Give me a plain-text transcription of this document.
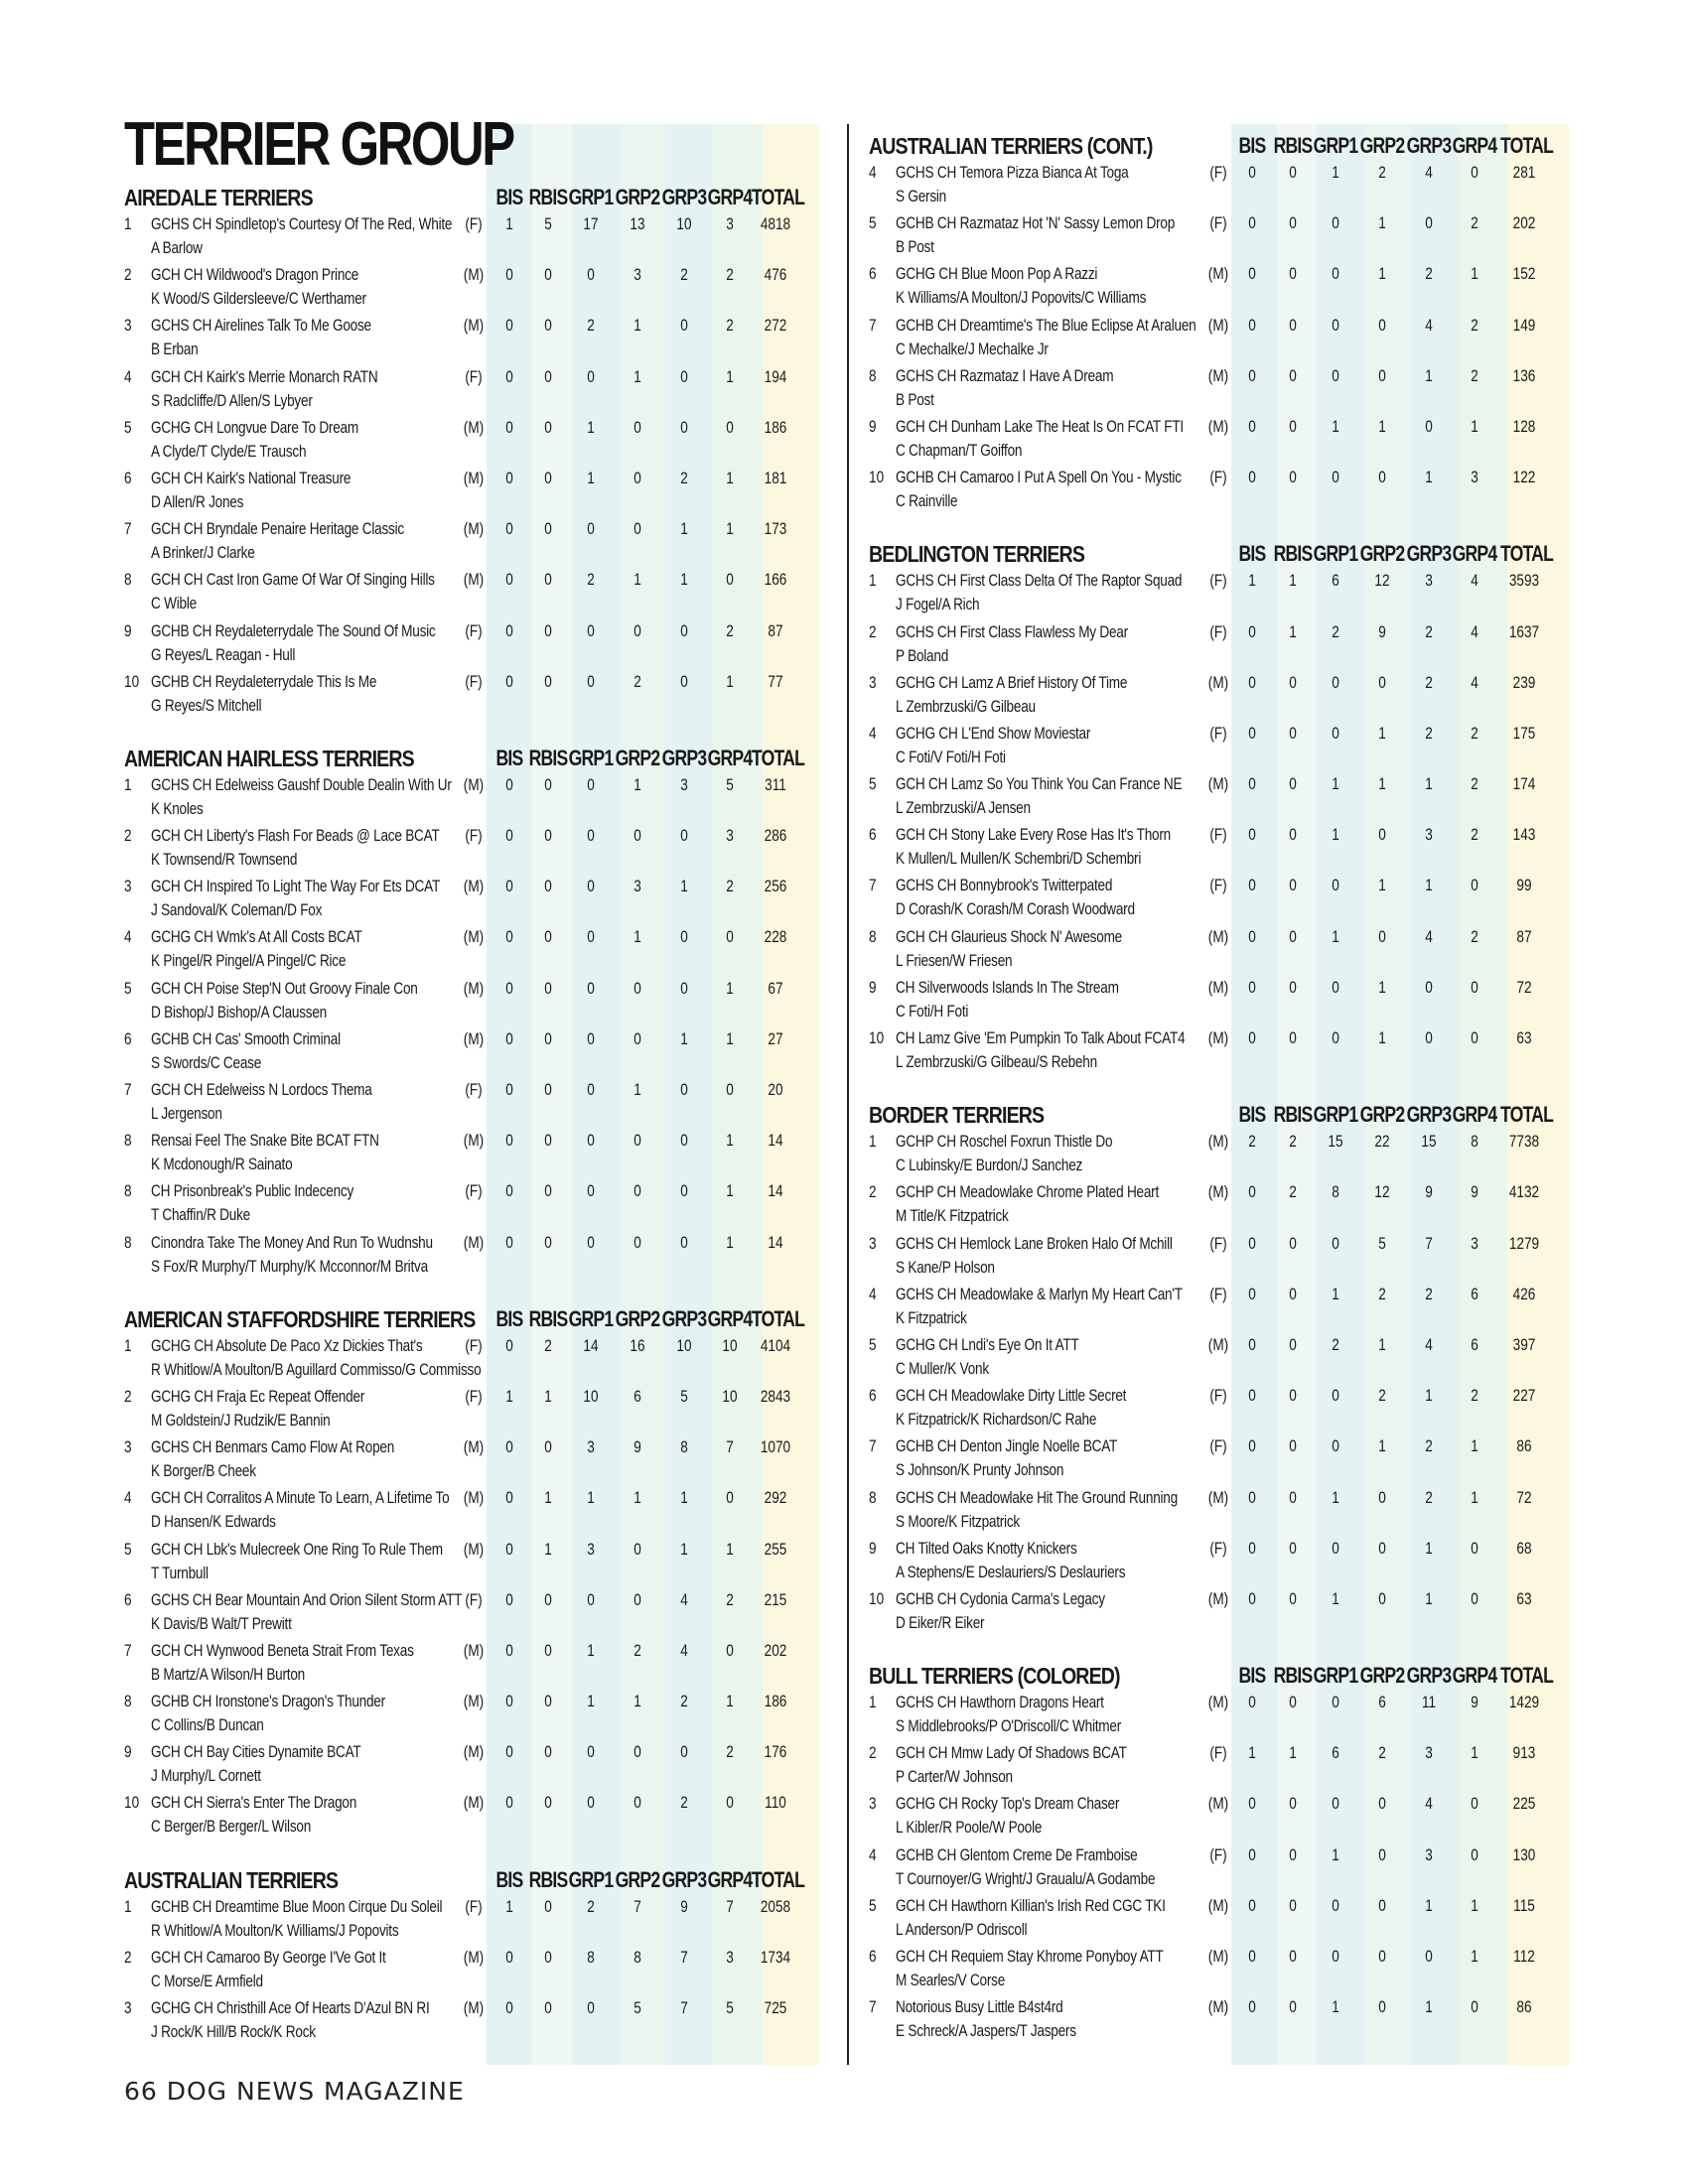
TERRIER GROUP
AIREDALE TERRIERS	BIS RBIS GRP1 GRP2 GRP3 GRP4 TOTAL
1	GCHS CH Spindletop's Courtesy Of The Red, White
A Barlow
(F)	1	5	17	13	10	3	4818
2	GCH CH Wildwood's Dragon Prince
K Wood/S Gildersleeve/C Werthamer
(M)	0	0	0	3	2	2	476
3	GCHS CH Airelines Talk To Me Goose
B Erban
(M)	0	0	2	1	0	2	272
4	GCH CH Kairk's Merrie Monarch RATN
S Radcliffe/D Allen/S Lybyer
(F)	0	0	0	1	0	1	194
5	GCHG CH Longvue Dare To Dream
A Clyde/T Clyde/E Trausch
(M)	0	0	1	0	0	0	186
6	GCH CH Kairk's National Treasure
D Allen/R Jones
(M)	0	0	1	0	2	1	181
7	GCH CH Bryndale Penaire Heritage Classic
A Brinker/J Clarke
(M)	0	0	0	0	1	1	173
8	GCH CH Cast Iron Game Of War Of Singing Hills
C Wible
(M)	0	0	2	1	1	0	166
9	GCHB CH Reydaleterrydale The Sound Of Music
G Reyes/L Reagan - Hull
(F)	0	0	0	0	0	2	87
10 GCHB CH Reydaleterrydale This Is Me
G Reyes/S Mitchell
(F)	0	0	0	2	0	1	77
AMERICAN HAIRLESS TERRIERS	BIS RBIS GRP1 GRP2 GRP3 GRP4 TOTAL
1	GCHS CH Edelweiss Gaushf Double Dealin With Ur
K Knoles
(M)	0	0	0	1	3	5	311
2	GCH CH Liberty's Flash For Beads @ Lace BCAT
K Townsend/R Townsend
(F)	0	0	0	0	0	3	286
3	GCH CH Inspired To Light The Way For Ets DCAT
J Sandoval/K Coleman/D Fox
(M)	0	0	0	3	1	2	256
4	GCHG CH Wmk's At All Costs BCAT
K Pingel/R Pingel/A Pingel/C Rice
(M)	0	0	0	1	0	0	228
5	GCH CH Poise Step'N Out Groovy Finale Con
D Bishop/J Bishop/A Claussen
(M)	0	0	0	0	0	1	67
6	GCHB CH Cas' Smooth Criminal
S Swords/C Cease
(M)	0	0	0	0	1	1	27
7	GCH CH Edelweiss N Lordocs Thema
L Jergenson
(F)	0	0	0	1	0	0	20
8	Rensai Feel The Snake Bite BCAT FTN
K Mcdonough/R Sainato
(M)	0	0	0	0	0	1	14
8	CH Prisonbreak's Public Indecency
T Chaffin/R Duke
(F)	0	0	0	0	0	1	14
8	Cinondra Take The Money And Run To Wudnshu
S Fox/R Murphy/T Murphy/K Mcconnor/M Britva
(M)	0	0	0	0	0	1	14
AMERICAN STAFFORDSHIRE TERRIERS BIS RBIS GRP1 GRP2 GRP3 GRP4 TOTAL
1	GCHG CH Absolute De Paco Xz Dickies That's
R Whitlow/A Moulton/B Aguillard Commisso/G Commisso
(F)	0	2	14	16	10	10	4104
2	GCHG CH Fraja Ec Repeat Offender
M Goldstein/J Rudzik/E Bannin
(F)	1	1	10	6	5	10	2843
3	GCHS CH Benmars Camo Flow At Ropen
K Borger/B Cheek
(M)	0	0	3	9	8	7	1070
4	GCH CH Corralitos A Minute To Learn, A Lifetime To
D Hansen/K Edwards
(M)	0	1	1	1	1	0	292
5	GCH CH Lbk's Mulecreek One Ring To Rule Them
T Turnbull
(M)	0	1	3	0	1	1	255
6	GCHS CH Bear Mountain And Orion Silent Storm ATT
K Davis/B Walt/T Prewitt
(F)	0	0	0	0	4	2	215
7	GCH CH Wynwood Beneta Strait From Texas
B Martz/A Wilson/H Burton
(M)	0	0	1	2	4	0	202
8	GCHB CH Ironstone's Dragon's Thunder
C Collins/B Duncan
(M)	0	0	1	1	2	1	186
9	GCH CH Bay Cities Dynamite BCAT
J Murphy/L Cornett
(M)	0	0	0	0	0	2	176
10 GCH CH Sierra's Enter The Dragon
C Berger/B Berger/L Wilson
(M)	0	0	0	0	2	0	110
AUSTRALIAN TERRIERS	BIS RBIS GRP1 GRP2 GRP3 GRP4 TOTAL
1	GCHB CH Dreamtime Blue Moon Cirque Du Soleil
R Whitlow/A Moulton/K Williams/J Popovits
(F)	1	0	2	7	9	7	2058
2	GCH CH Camaroo By George I'Ve Got It
C Morse/E Armfield
(M)	0	0	8	8	7	3	1734
3	GCHG CH Christhill Ace Of Hearts D'Azul BN RI
J Rock/K Hill/B Rock/K Rock
(M)	0	0	0	5	7	5	725
AUSTRALIAN TERRIERS (CONT.)	BIS RBIS GRP1 GRP2 GRP3 GRP4 TOTAL
4	GCHS CH Temora Pizza Bianca At Toga
S Gersin
(F)	0	0	1	2	4	0	281
5	GCHB CH Razmataz Hot 'N' Sassy Lemon Drop
B Post
(F)	0	0	0	1	0	2	202
6	GCHG CH Blue Moon Pop A Razzi
K Williams/A Moulton/J Popovits/C Williams
(M)	0	0	0	1	2	1	152
7	GCHB CH Dreamtime's The Blue Eclipse At Araluen
C Mechalke/J Mechalke Jr
(M)	0	0	0	0	4	2	149
8	GCHS CH Razmataz I Have A Dream
B Post
(M)	0	0	0	0	1	2	136
9	GCH CH Dunham Lake The Heat Is On FCAT FTI
C Chapman/T Goiffon
(M)	0	0	1	1	0	1	128
10 GCHB CH Camaroo I Put A Spell On You - Mystic
C Rainville
(F)	0	0	0	0	1	3	122
BEDLINGTON TERRIERS	BIS RBIS GRP1 GRP2 GRP3 GRP4 TOTAL
1	GCHS CH First Class Delta Of The Raptor Squad
J Fogel/A Rich
(F)	1	1	6	12	3	4	3593
2	GCHS CH First Class Flawless My Dear
P Boland
(F)	0	1	2	9	2	4	1637
3	GCHG CH Lamz A Brief History Of Time
L Zembrzuski/G Gilbeau
(M)	0	0	0	0	2	4	239
4	GCHG CH L'End Show Moviestar
C Foti/V Foti/H Foti
(F)	0	0	0	1	2	2	175
5	GCH CH Lamz So You Think You Can France NE
L Zembrzuski/A Jensen
(M)	0	0	1	1	1	2	174
6	GCH CH Stony Lake Every Rose Has It's Thorn
K Mullen/L Mullen/K Schembri/D Schembri
(F)	0	0	1	0	3	2	143
7	GCHS CH Bonnybrook's Twitterpated
D Corash/K Corash/M Corash Woodward
(F)	0	0	0	1	1	0	99
8	GCH CH Glaurieus Shock N' Awesome
L Friesen/W Friesen
(M)	0	0	1	0	4	2	87
9	CH Silverwoods Islands In The Stream
C Foti/H Foti
(M)	0	0	0	1	0	0	72
10 CH Lamz Give 'Em Pumpkin To Talk About FCAT4
L Zembrzuski/G Gilbeau/S Rebehn
(M)	0	0	0	1	0	0	63
BORDER TERRIERS	BIS RBIS GRP1 GRP2 GRP3 GRP4 TOTAL
1	GCHP CH Roschel Foxrun Thistle Do
C Lubinsky/E Burdon/J Sanchez
(M)	2	2	15	22	15	8	7738
2	GCHP CH Meadowlake Chrome Plated Heart
M Title/K Fitzpatrick
(M)	0	2	8	12	9	9	4132
3	GCHS CH Hemlock Lane Broken Halo Of Mchill
S Kane/P Holson
(F)	0	0	0	5	7	3	1279
4	GCHS CH Meadowlake & Marlyn My Heart Can'T
K Fitzpatrick
(F)	0	0	1	2	2	6	426
5	GCHG CH Lndi's Eye On It ATT
C Muller/K Vonk
(M)	0	0	2	1	4	6	397
6	GCH CH Meadowlake Dirty Little Secret
K Fitzpatrick/K Richardson/C Rahe
(F)	0	0	0	2	1	2	227
7	GCHB CH Denton Jingle Noelle BCAT
S Johnson/K Prunty Johnson
(F)	0	0	0	1	2	1	86
8	GCHS CH Meadowlake Hit The Ground Running
S Moore/K Fitzpatrick
(M)	0	0	1	0	2	1	72
9	CH Tilted Oaks Knotty Knickers
A Stephens/E Deslauriers/S Deslauriers
(F)	0	0	0	0	1	0	68
10 GCHB CH Cydonia Carma's Legacy
D Eiker/R Eiker
(M)	0	0	1	0	1	0	63
BULL TERRIERS (COLORED)	BIS RBIS GRP1 GRP2 GRP3 GRP4 TOTAL
1	GCHS CH Hawthorn Dragons Heart
S Middlebrooks/P O'Driscoll/C Whitmer
(M)	0	0	0	6	11	9	1429
2	GCH CH Mmw Lady Of Shadows BCAT
P Carter/W Johnson
(F)	1	1	6	2	3	1	913
3	GCHG CH Rocky Top's Dream Chaser
L Kibler/R Poole/W Poole
(M)	0	0	0	0	4	0	225
4	GCHB CH Glentom Creme De Framboise
T Cournoyer/G Wright/J Graualu/A Godambe
(F)	0	0	1	0	3	0	130
5	GCH CH Hawthorn Killian's Irish Red CGC TKI
L Anderson/P Odriscoll
(M)	0	0	0	0	1	1	115
6	GCH CH Requiem Stay Khrome Ponyboy ATT
M Searles/V Corse
(M)	0	0	0	0	0	1	112
7	Notorious Busy Little B4st4rd
E Schreck/A Jaspers/T Jaspers
(M)	0	0	1	0	1	0	86
66 DOG NEWS MAGAZINE
